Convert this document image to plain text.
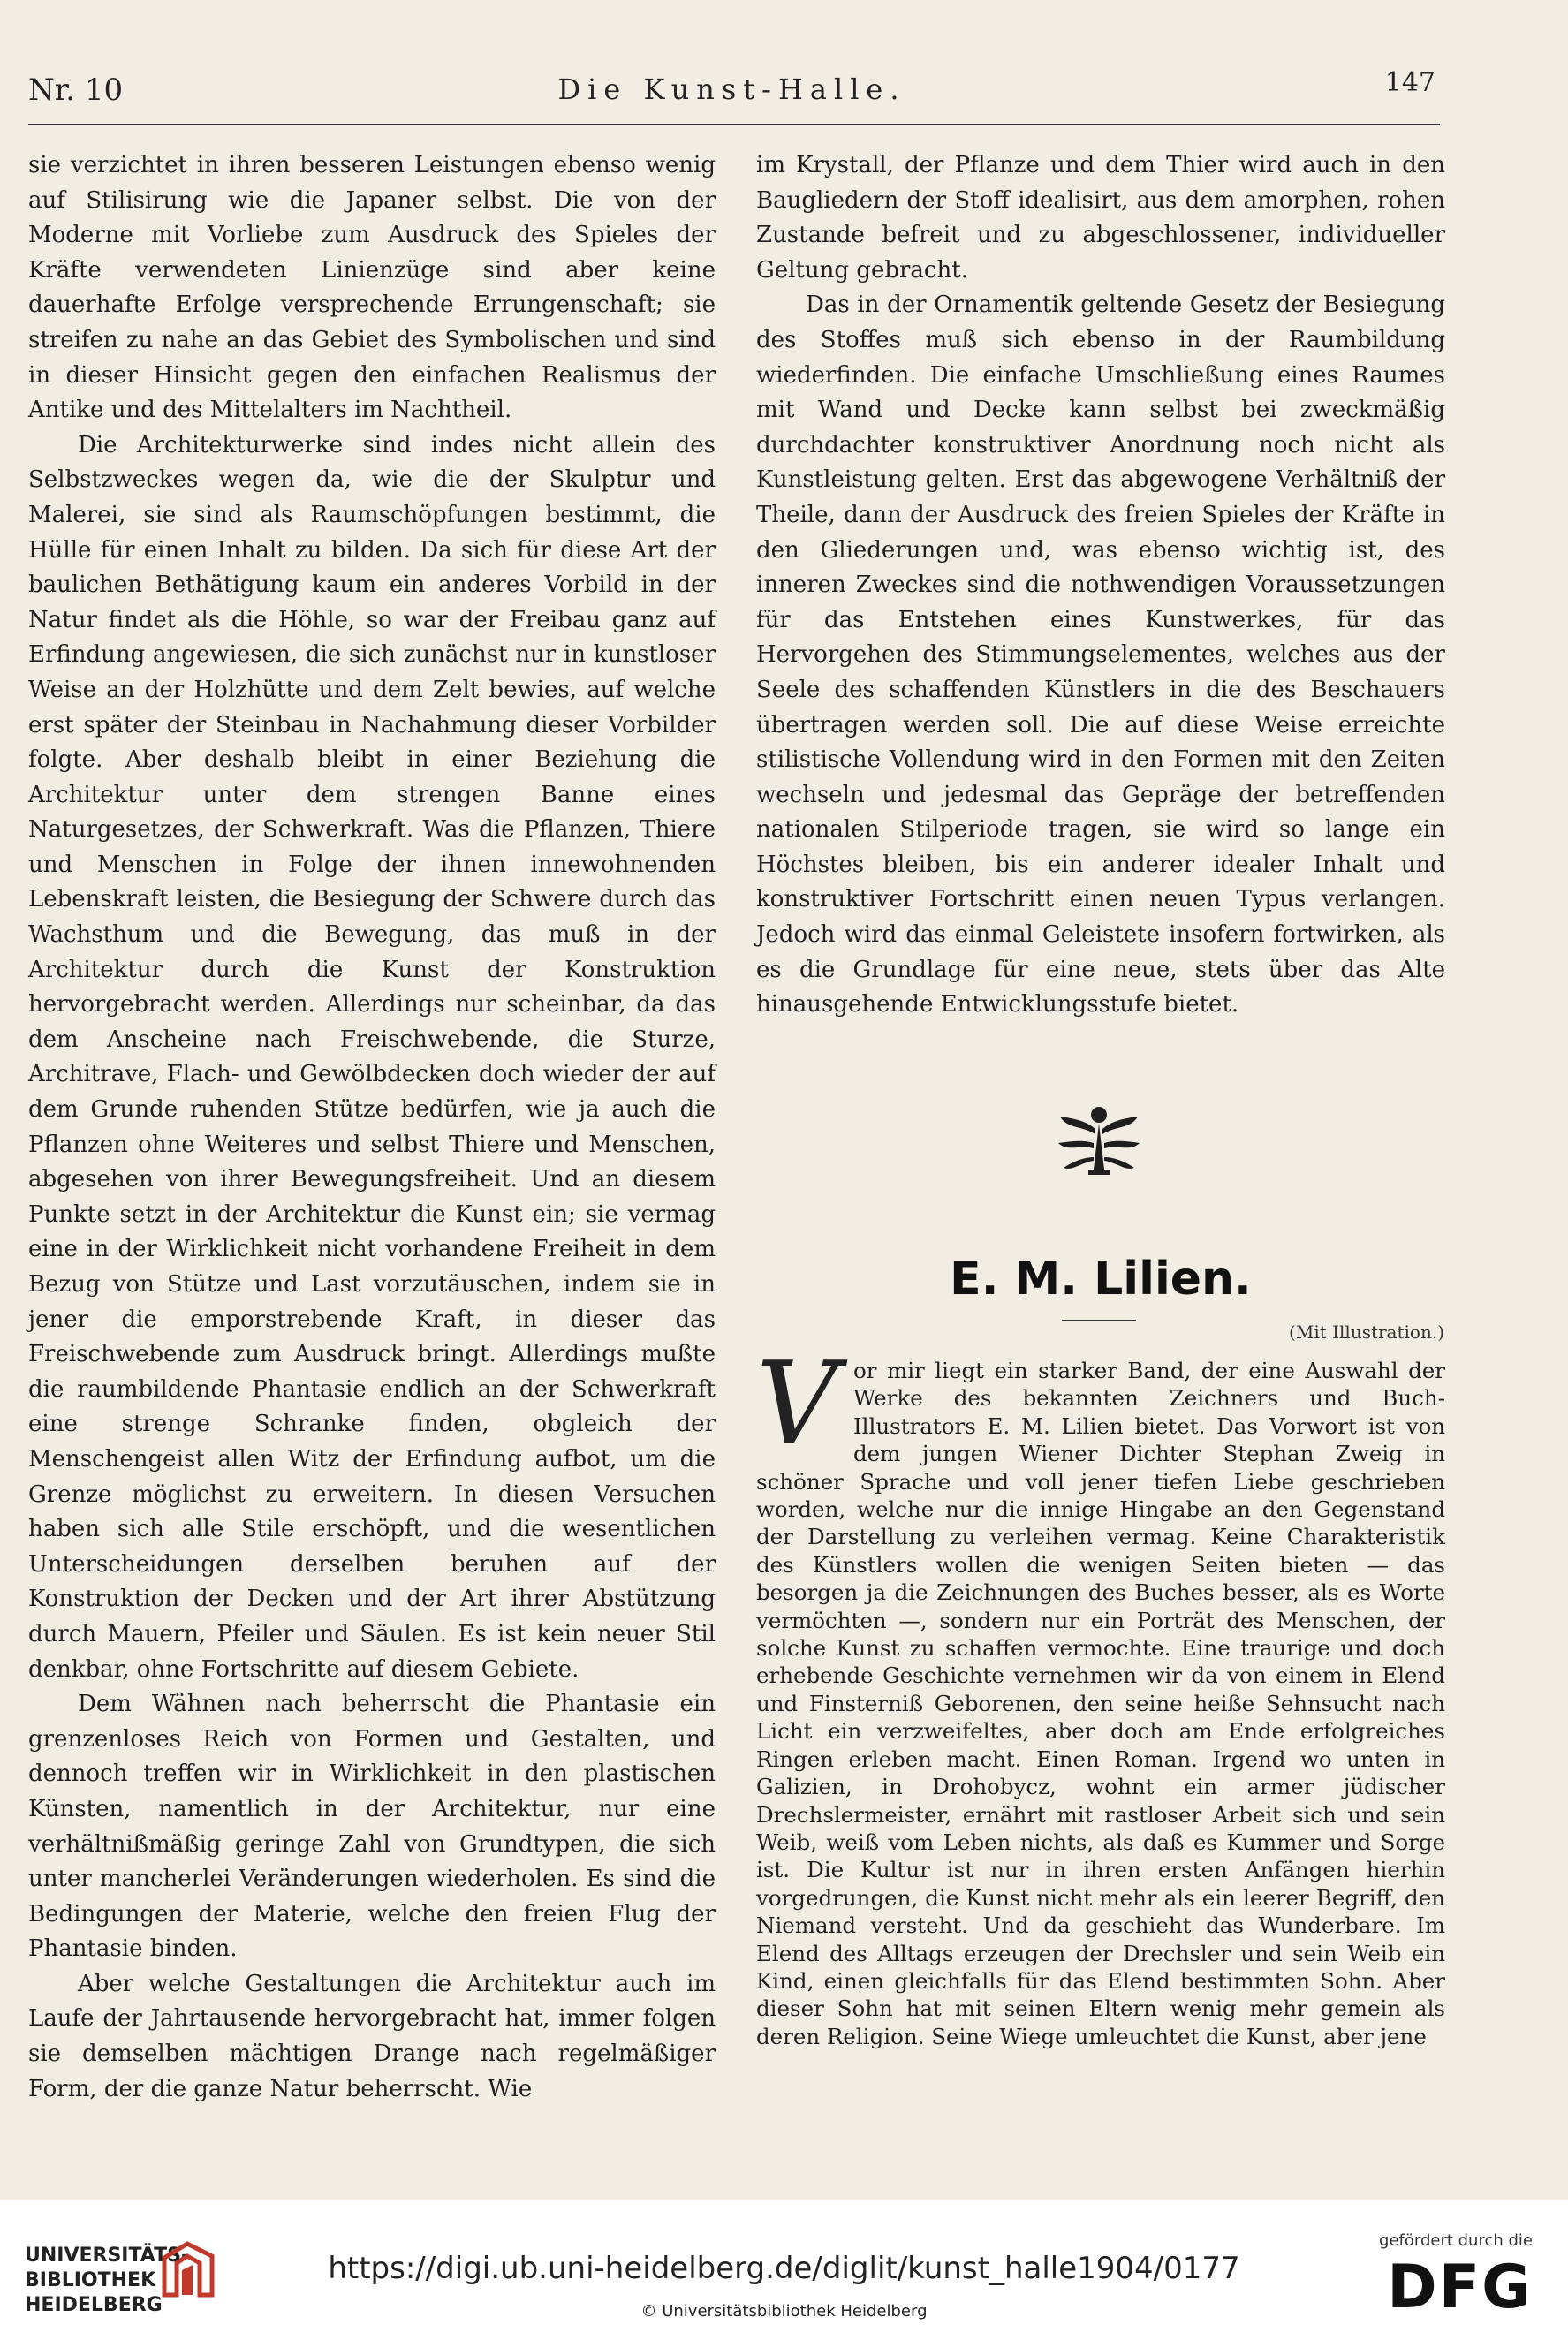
Nr. 10	Die Kunst-Halle.	147

sie verzichtet in ihren besseren Leistungen ebenso wenig auf Stilisirung wie die Japaner selbst. Die von der Moderne mit Vorliebe zum Ausdruck des Spieles der Kräfte verwendeten Linienzüge sind aber keine dauerhafte Erfolge versprechende Errungenschaft; sie streifen zu nahe an das Gebiet des Symbolischen und sind in dieser Hinsicht gegen den einfachen Realismus der Antike und des Mittelalters im Nachtheil.

Die Architekturwerke sind indes nicht allein des Selbstzweckes wegen da, wie die der Skulptur und Malerei, sie sind als Raumschöpfungen bestimmt, die Hülle für einen Inhalt zu bilden. Da sich für diese Art der baulichen Bethätigung kaum ein anderes Vorbild in der Natur findet als die Höhle, so war der Freibau ganz auf Erfindung angewiesen, die sich zunächst nur in kunstloser Weise an der Holzhütte und dem Zelt bewies, auf welche erst später der Steinbau in Nachahmung dieser Vorbilder folgte. Aber deshalb bleibt in einer Beziehung die Architektur unter dem strengen Banne eines Naturgesetzes, der Schwerkraft. Was die Pflanzen, Thiere und Menschen in Folge der ihnen innewohnenden Lebenskraft leisten, die Besiegung der Schwere durch das Wachsthum und die Bewegung, das muß in der Architektur durch die Kunst der Konstruktion hervorgebracht werden. Allerdings nur scheinbar, da das dem Anscheine nach Freischwebende, die Sturze, Architrave, Flach- und Gewölbdecken doch wieder der auf dem Grunde ruhenden Stütze bedürfen, wie ja auch die Pflanzen ohne Weiteres und selbst Thiere und Menschen, abgesehen von ihrer Bewegungsfreiheit. Und an diesem Punkte setzt in der Architektur die Kunst ein; sie vermag eine in der Wirklichkeit nicht vorhandene Freiheit in dem Bezug von Stütze und Last vorzutäuschen, indem sie in jener die emporstrebende Kraft, in dieser das Freischwebende zum Ausdruck bringt. Allerdings mußte die raumbildende Phantasie endlich an der Schwerkraft eine strenge Schranke finden, obgleich der Menschengeist allen Witz der Erfindung aufbot, um die Grenze möglichst zu erweitern. In diesen Versuchen haben sich alle Stile erschöpft, und die wesentlichen Unterscheidungen derselben beruhen auf der Konstruktion der Decken und der Art ihrer Abstützung durch Mauern, Pfeiler und Säulen. Es ist kein neuer Stil denkbar, ohne Fortschritte auf diesem Gebiete.

Dem Wähnen nach beherrscht die Phantasie ein grenzenloses Reich von Formen und Gestalten, und dennoch treffen wir in Wirklichkeit in den plastischen Künsten, namentlich in der Architektur, nur eine verhältnißmäßig geringe Zahl von Grundtypen, die sich unter mancherlei Veränderungen wiederholen. Es sind die Bedingungen der Materie, welche den freien Flug der Phantasie binden.

Aber welche Gestaltungen die Architektur auch im Laufe der Jahrtausende hervorgebracht hat, immer folgen sie demselben mächtigen Drange nach regelmäßiger Form, der die ganze Natur beherrscht. Wie

im Krystall, der Pflanze und dem Thier wird auch in den Baugliedern der Stoff idealisirt, aus dem amorphen, rohen Zustande befreit und zu abgeschlossener, individueller Geltung gebracht.

Das in der Ornamentik geltende Gesetz der Besiegung des Stoffes muß sich ebenso in der Raumbildung wiederfinden. Die einfache Umschließung eines Raumes mit Wand und Decke kann selbst bei zweckmäßig durchdachter konstruktiver Anordnung noch nicht als Kunstleistung gelten. Erst das abgewogene Verhältniß der Theile, dann der Ausdruck des freien Spieles der Kräfte in den Gliederungen und, was ebenso wichtig ist, des inneren Zweckes sind die nothwendigen Voraussetzungen für das Entstehen eines Kunstwerkes, für das Hervorgehen des Stimmungselementes, welches aus der Seele des schaffenden Künstlers in die des Beschauers übertragen werden soll. Die auf diese Weise erreichte stilistische Vollendung wird in den Formen mit den Zeiten wechseln und jedesmal das Gepräge der betreffenden nationalen Stilperiode tragen, sie wird so lange ein Höchstes bleiben, bis ein anderer idealer Inhalt und konstruktiver Fortschritt einen neuen Typus verlangen. Jedoch wird das einmal Geleistete insofern fortwirken, als es die Grundlage für eine neue, stets über das Alte hinausgehende Entwicklungsstufe bietet.

E. M. Lilien.
(Mit Illustration.)
V or mir liegt ein starker Band, der eine Auswahl der Werke des bekannten Zeichners und Buch-Illustrators E. M. Lilien bietet. Das Vorwort ist von dem jungen Wiener Dichter Stephan Zweig in schöner Sprache und voll jener tiefen Liebe geschrieben worden, welche nur die innige Hingabe an den Gegenstand der Darstellung zu verleihen vermag. Keine Charakteristik des Künstlers wollen die wenigen Seiten bieten — das besorgen ja die Zeichnungen des Buches besser, als es Worte vermöchten —, sondern nur ein Porträt des Menschen, der solche Kunst zu schaffen vermochte. Eine traurige und doch erhebende Geschichte vernehmen wir da von einem in Elend und Finsterniß Geborenen, den seine heiße Sehnsucht nach Licht ein verzweifeltes, aber doch am Ende erfolgreiches Ringen erleben macht. Einen Roman. Irgend wo unten in Galizien, in Drohobycz, wohnt ein armer jüdischer Drechslermeister, ernährt mit rastloser Arbeit sich und sein Weib, weiß vom Leben nichts, als daß es Kummer und Sorge ist. Die Kultur ist nur in ihren ersten Anfängen hierhin vorgedrungen, die Kunst nicht mehr als ein leerer Begriff, den Niemand versteht. Und da geschieht das Wunderbare. Im Elend des Alltags erzeugen der Drechsler und sein Weib ein Kind, einen gleichfalls für das Elend bestimmten Sohn. Aber dieser Sohn hat mit seinen Eltern wenig mehr gemein als deren Religion. Seine Wiege umleuchtet die Kunst, aber jene
UNIVERSITÄTS-
BIBLIOTHEK
HEIDELBERG
https://digi.ub.uni-heidelberg.de/diglit/kunst_halle1904/0177
© Universitätsbibliothek Heidelberg
gefördert durch die
DFG
